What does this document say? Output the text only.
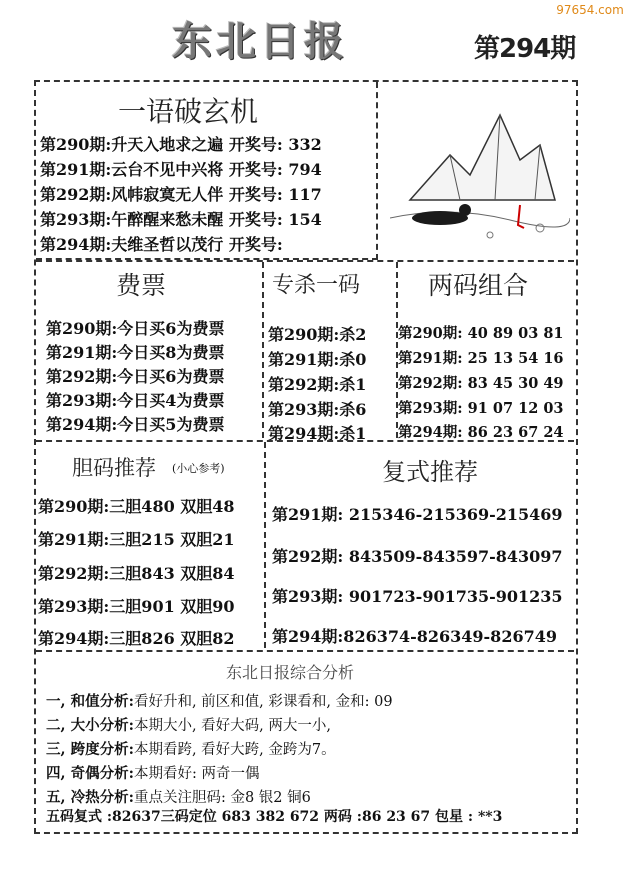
97654.com
东北日报	第294期
一语破玄机
第290期:升天入地求之遍 开奖号: 332
第291期:云台不见中兴将 开奖号: 794
第292期:风帏寂寞无人伴 开奖号: 117
第293期:午醉醒来愁未醒 开奖号: 154
第294期:夫维圣哲以茂行 开奖号:
费票
第290期:今日买6为费票
第291期:今日买8为费票
第292期:今日买6为费票
第293期:今日买4为费票
第294期:今日买5为费票
专杀一码
第290期:杀2
第291期:杀0
第292期:杀1
第293期:杀6
第294期:杀1
两码组合
第290期: 40 89 03 81
第291期: 25 13 54 16
第292期: 83 45 30 49
第293期: 91 07 12 03
第294期: 86 23 67 24
胆码推荐 (小心参考)
第290期:三胆480 双胆48
第291期:三胆215 双胆21
第292期:三胆843 双胆84
第293期:三胆901 双胆90
第294期:三胆826 双胆82
复式推荐
第291期: 215346-215369-215469
第292期: 843509-843597-843097
第293期: 901723-901735-901235
第294期:826374-826349-826749
东北日报综合分析
一, 和值分析:看好升和, 前区和值, 彩课看和, 金和: 09
二, 大小分析:本期大小, 看好大码, 两大一小,
三, 跨度分析:本期看跨, 看好大跨, 金跨为7。
四, 奇偶分析:本期看好: 两奇一偶
五, 冷热分析:重点关注胆码: 金8 银2 铜6
五码复式 :82637三码定位 683 382 672 两码 :86 23 67 包星 : **3
